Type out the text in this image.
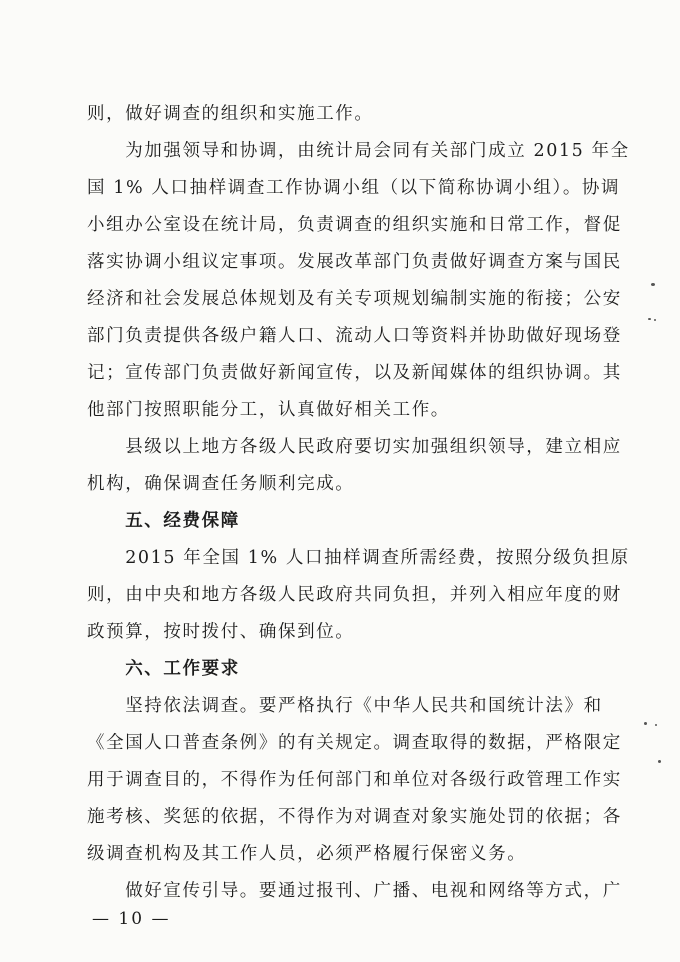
则，做好调查的组织和实施工作。
　　为加强领导和协调，由统计局会同有关部门成立 2015 年全
国 1% 人口抽样调查工作协调小组（以下简称协调小组）。协调
小组办公室设在统计局，负责调查的组织实施和日常工作，督促
落实协调小组议定事项。发展改革部门负责做好调查方案与国民
经济和社会发展总体规划及有关专项规划编制实施的衔接；公安
部门负责提供各级户籍人口、流动人口等资料并协助做好现场登
记；宣传部门负责做好新闻宣传，以及新闻媒体的组织协调。其
他部门按照职能分工，认真做好相关工作。
　　县级以上地方各级人民政府要切实加强组织领导，建立相应
机构，确保调查任务顺利完成。
　　五、经费保障
　　2015 年全国 1% 人口抽样调查所需经费，按照分级负担原
则，由中央和地方各级人民政府共同负担，并列入相应年度的财
政预算，按时拨付、确保到位。
　　六、工作要求
　　坚持依法调查。要严格执行《中华人民共和国统计法》和
《全国人口普查条例》的有关规定。调查取得的数据，严格限定
用于调查目的，不得作为任何部门和单位对各级行政管理工作实
施考核、奖惩的依据，不得作为对调查对象实施处罚的依据；各
级调查机构及其工作人员，必须严格履行保密义务。
　　做好宣传引导。要通过报刊、广播、电视和网络等方式，广
— 10 —
